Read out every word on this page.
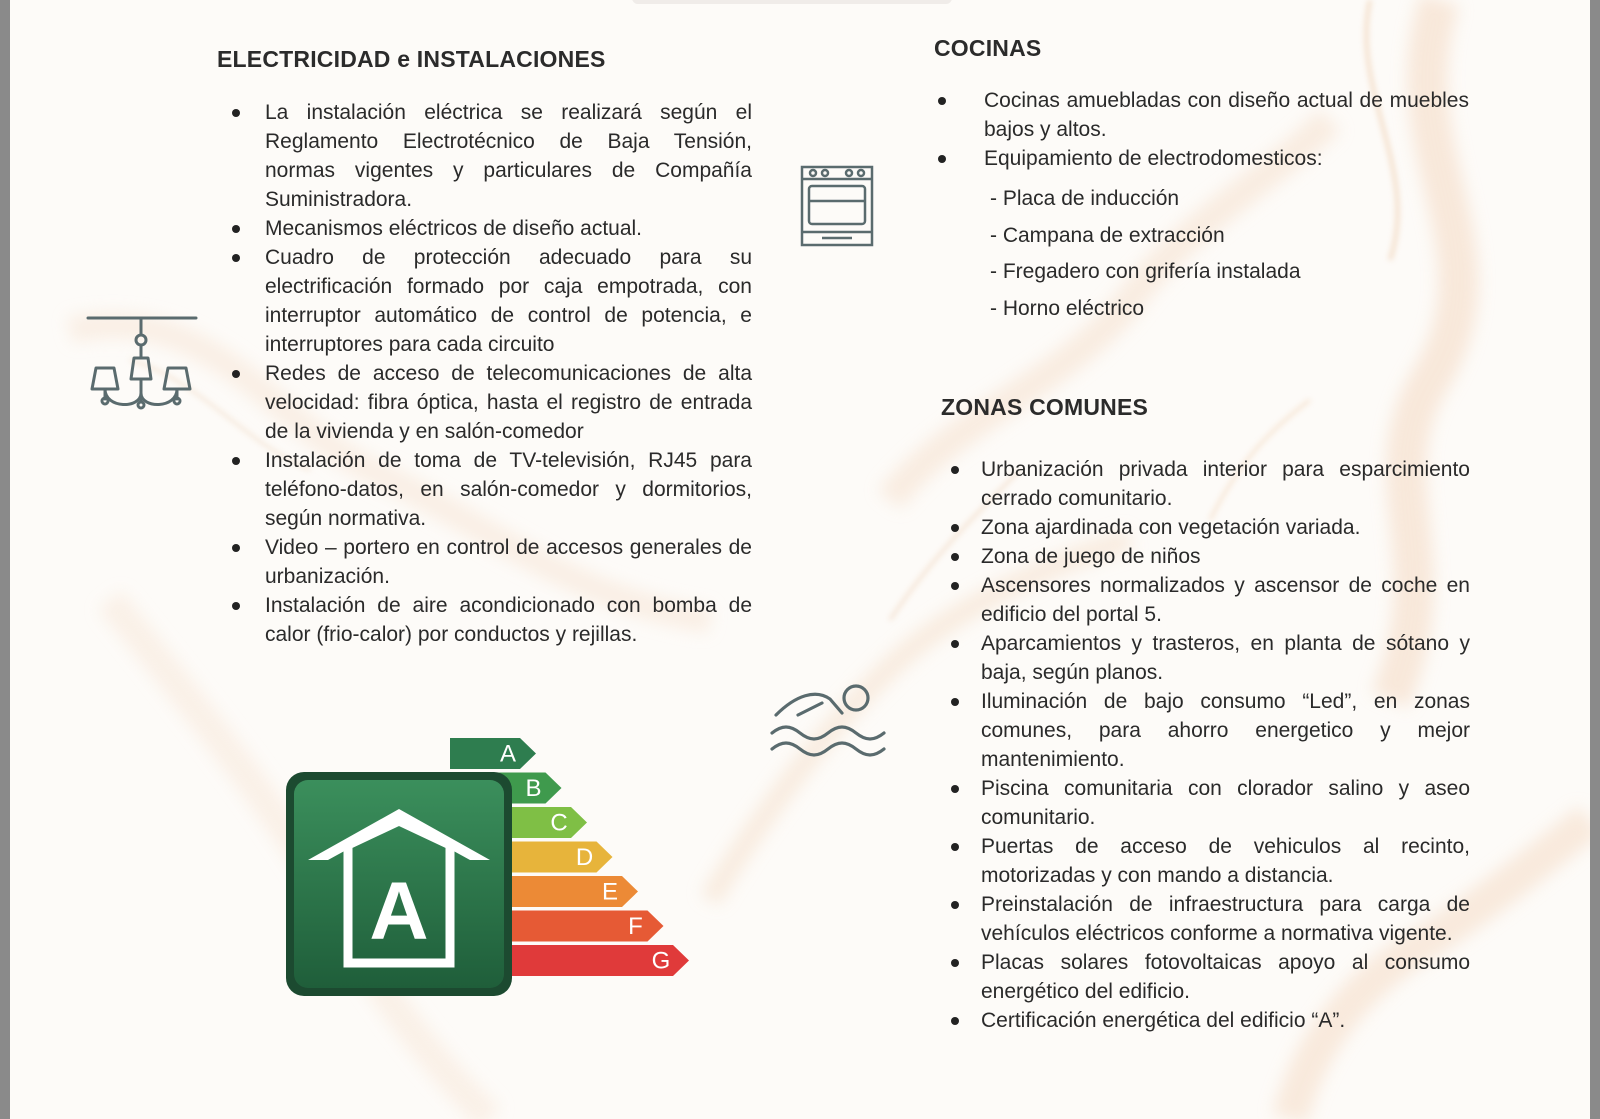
ELECTRICIDAD e INSTALACIONES
La instalación eléctrica se realizará según el Reglamento Electrotécnico de Baja Tensión, normas vigentes y particulares de Compañía Suministradora.
Mecanismos eléctricos de diseño actual.
Cuadro de protección adecuado para su electrificación formado por caja empotrada, con interruptor automático de control de potencia, e interruptores para cada circuito
Redes de acceso de telecomunicaciones de alta velocidad: fibra óptica, hasta el registro de entrada de la vivienda y en salón-comedor
Instalación de toma de TV-televisión, RJ45 para teléfono-datos, en salón-comedor y dormitorios, según normativa.
Video – portero en control de accesos generales de urbanización.
Instalación de aire acondicionado con bomba de calor (frio-calor) por conductos y rejillas.
COCINAS
Cocinas amuebladas con diseño actual de muebles bajos y altos.
Equipamiento de electrodomesticos:
- Placa de inducción
- Campana de extracción
- Fregadero con grifería instalada
- Horno eléctrico
ZONAS COMUNES
Urbanización privada interior para esparcimiento cerrado comunitario.
Zona ajardinada con vegetación variada.
Zona de juego de niños
Ascensores normalizados y ascensor de coche en edificio del portal 5.
Aparcamientos y trasteros, en planta de sótano y baja, según planos.
Iluminación de bajo consumo “Led”, en zonas comunes, para ahorro energetico y mejor mantenimiento.
Piscina comunitaria con clorador salino y aseo comunitario.
Puertas de acceso de vehiculos al recinto, motorizadas y con mando a distancia.
Preinstalación de infraestructura para carga de vehículos eléctricos conforme a normativa vigente.
Placas solares fotovoltaicas apoyo al consumo energético del edificio.
Certificación energética del edificio “A”.
A
B
C
D
E
F
G
A
